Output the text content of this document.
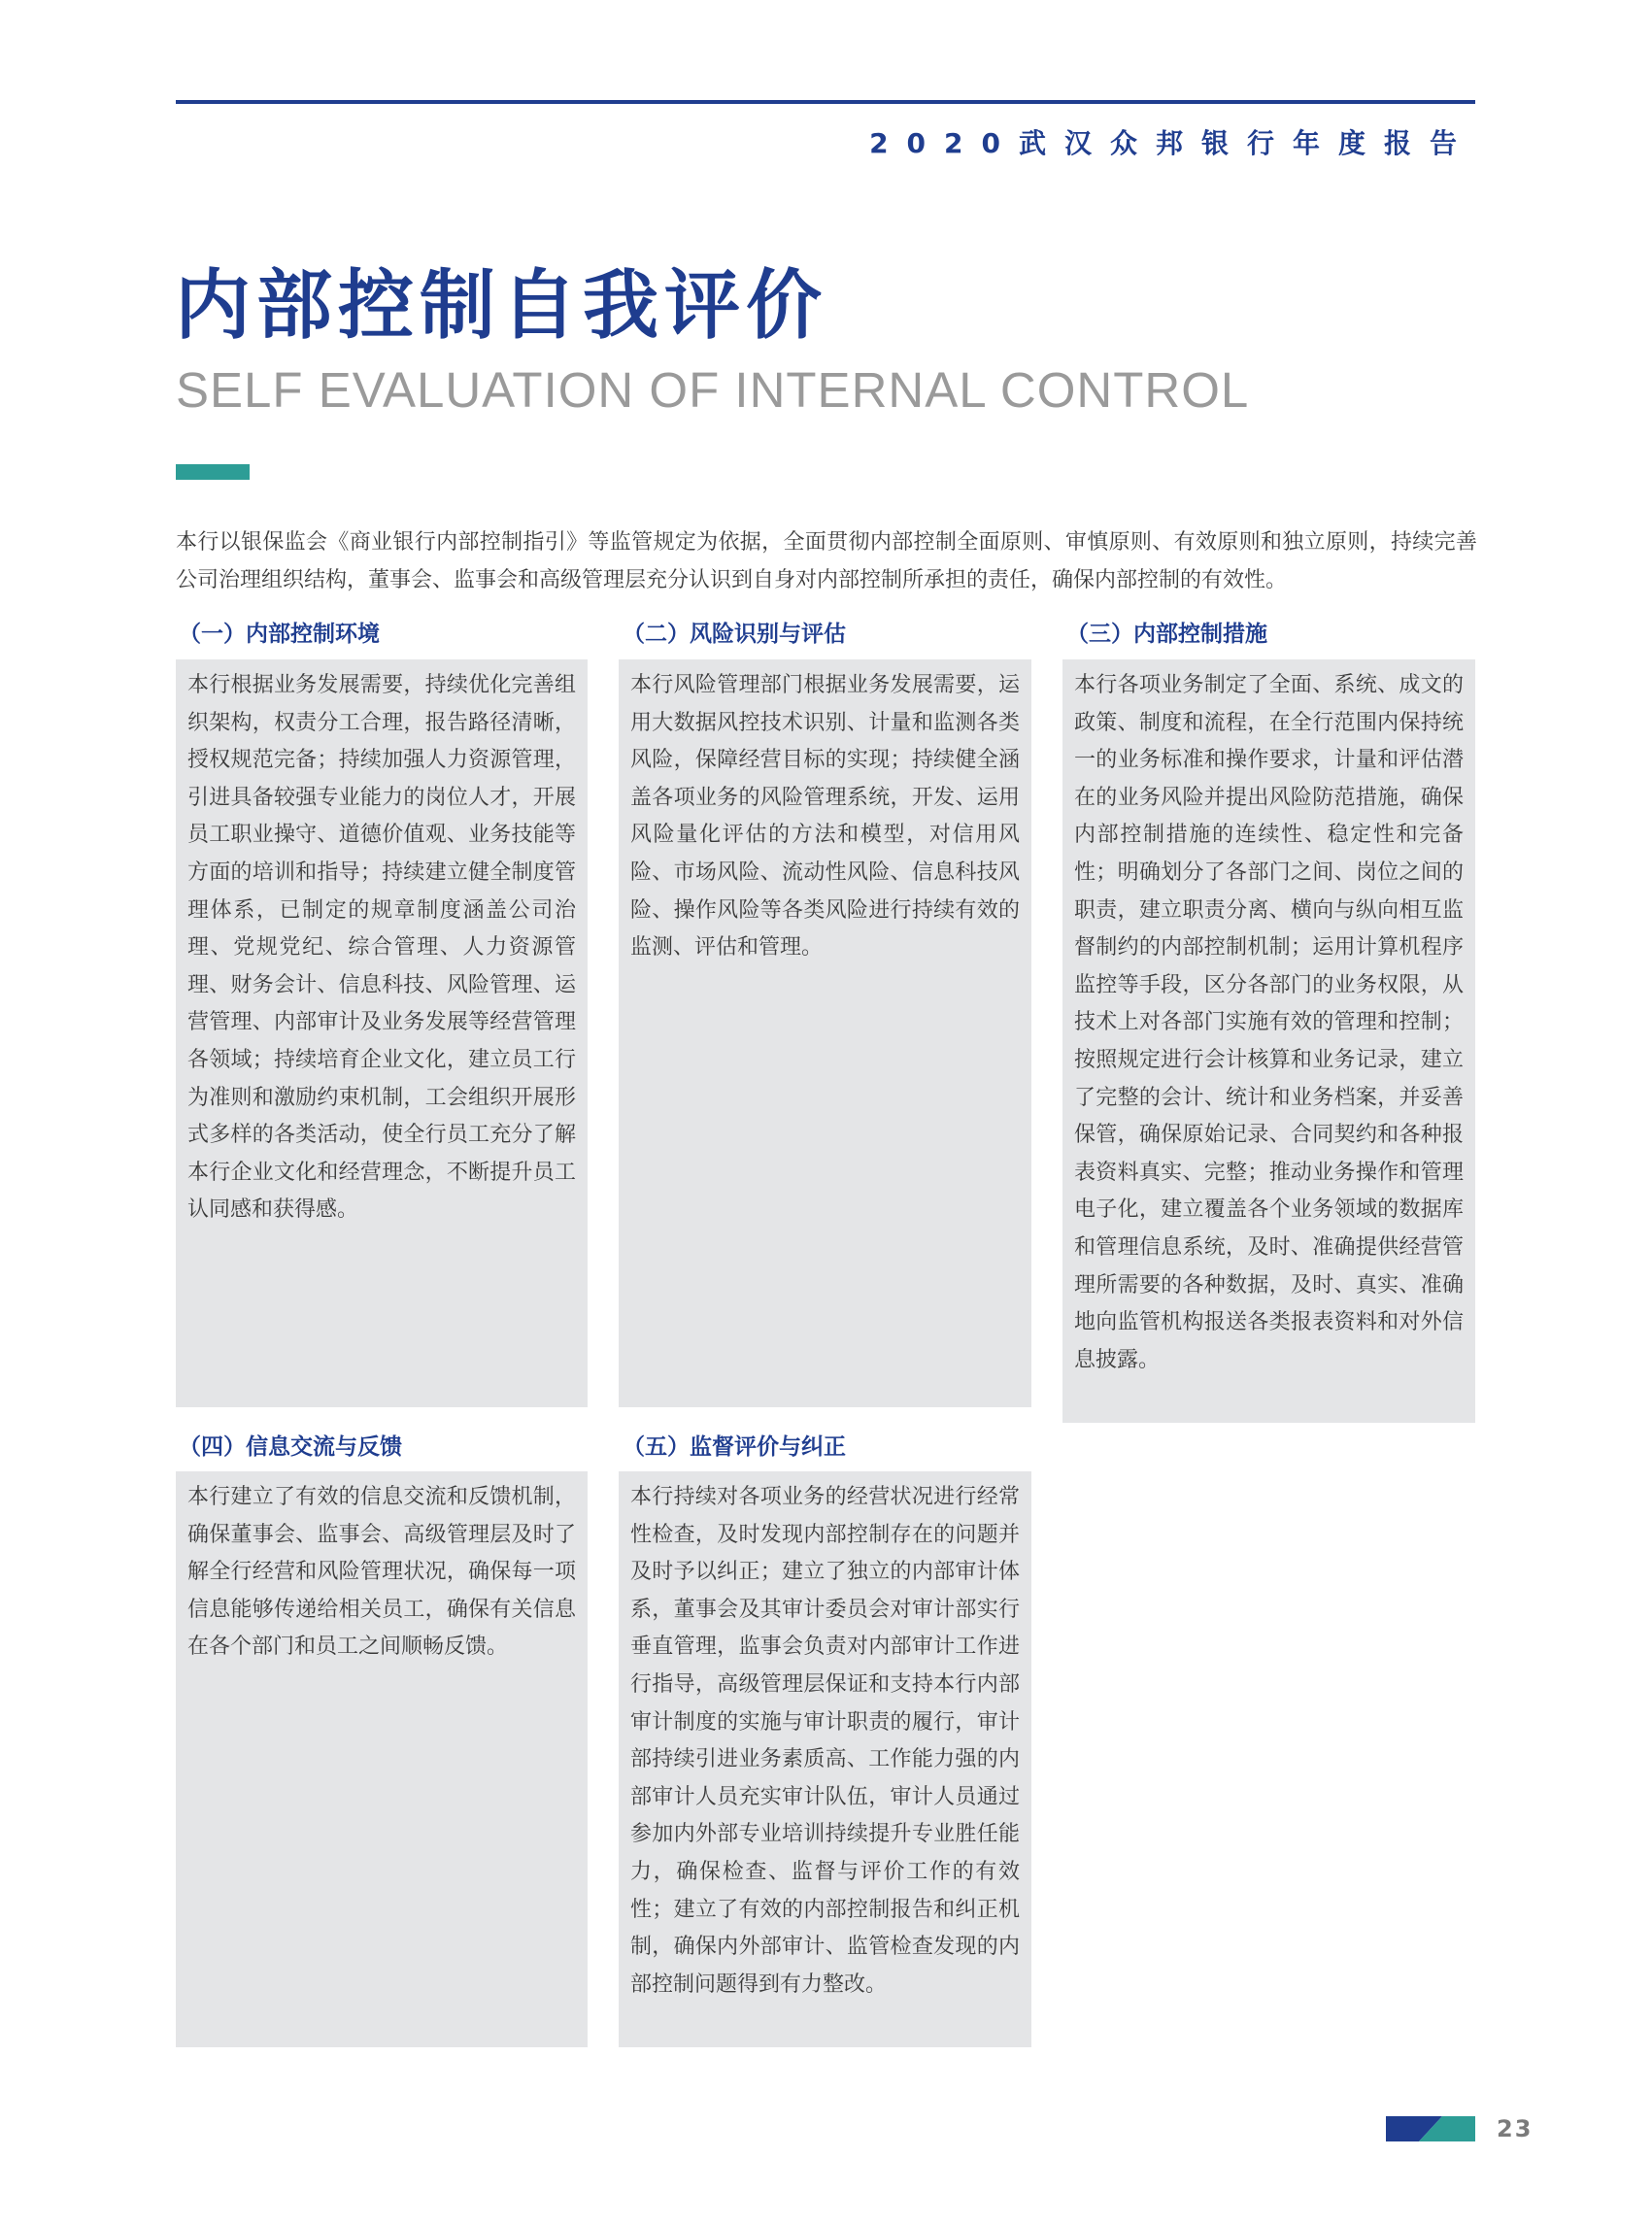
2020武汉众邦银行年度报告
内部控制自我评价
SELF EVALUATION OF INTERNAL CONTROL
本行以银保监会《商业银行内部控制指引》等监管规定为依据，全面贯彻内部控制全面原则、审慎原则、有效原则和独立原则，持续完善公司治理组织结构，董事会、监事会和高级管理层充分认识到自身对内部控制所承担的责任，确保内部控制的有效性。
（一）内部控制环境
本行根据业务发展需要，持续优化完善组织架构，权责分工合理，报告路径清晰，授权规范完备；持续加强人力资源管理，引进具备较强专业能力的岗位人才，开展员工职业操守、道德价值观、业务技能等方面的培训和指导；持续建立健全制度管理体系，已制定的规章制度涵盖公司治理、党规党纪、综合管理、人力资源管理、财务会计、信息科技、风险管理、运营管理、内部审计及业务发展等经营管理各领域；持续培育企业文化，建立员工行为准则和激励约束机制，工会组织开展形式多样的各类活动，使全行员工充分了解本行企业文化和经营理念，不断提升员工认同感和获得感。
（二）风险识别与评估
本行风险管理部门根据业务发展需要，运用大数据风控技术识别、计量和监测各类风险，保障经营目标的实现；持续健全涵盖各项业务的风险管理系统，开发、运用风险量化评估的方法和模型，对信用风险、市场风险、流动性风险、信息科技风险、操作风险等各类风险进行持续有效的监测、评估和管理。
（三）内部控制措施
本行各项业务制定了全面、系统、成文的政策、制度和流程，在全行范围内保持统一的业务标准和操作要求，计量和评估潜在的业务风险并提出风险防范措施，确保内部控制措施的连续性、稳定性和完备性；明确划分了各部门之间、岗位之间的职责，建立职责分离、横向与纵向相互监督制约的内部控制机制；运用计算机程序监控等手段，区分各部门的业务权限，从技术上对各部门实施有效的管理和控制；按照规定进行会计核算和业务记录，建立了完整的会计、统计和业务档案，并妥善保管，确保原始记录、合同契约和各种报表资料真实、完整；推动业务操作和管理电子化，建立覆盖各个业务领域的数据库和管理信息系统，及时、准确提供经营管理所需要的各种数据，及时、真实、准确地向监管机构报送各类报表资料和对外信息披露。
（四）信息交流与反馈
本行建立了有效的信息交流和反馈机制，确保董事会、监事会、高级管理层及时了解全行经营和风险管理状况，确保每一项信息能够传递给相关员工，确保有关信息在各个部门和员工之间顺畅反馈。
（五）监督评价与纠正
本行持续对各项业务的经营状况进行经常性检查，及时发现内部控制存在的问题并及时予以纠正；建立了独立的内部审计体系，董事会及其审计委员会对审计部实行垂直管理，监事会负责对内部审计工作进行指导，高级管理层保证和支持本行内部审计制度的实施与审计职责的履行，审计部持续引进业务素质高、工作能力强的内部审计人员充实审计队伍，审计人员通过参加内外部专业培训持续提升专业胜任能力，确保检查、监督与评价工作的有效性；建立了有效的内部控制报告和纠正机制，确保内外部审计、监管检查发现的内部控制问题得到有力整改。
23
